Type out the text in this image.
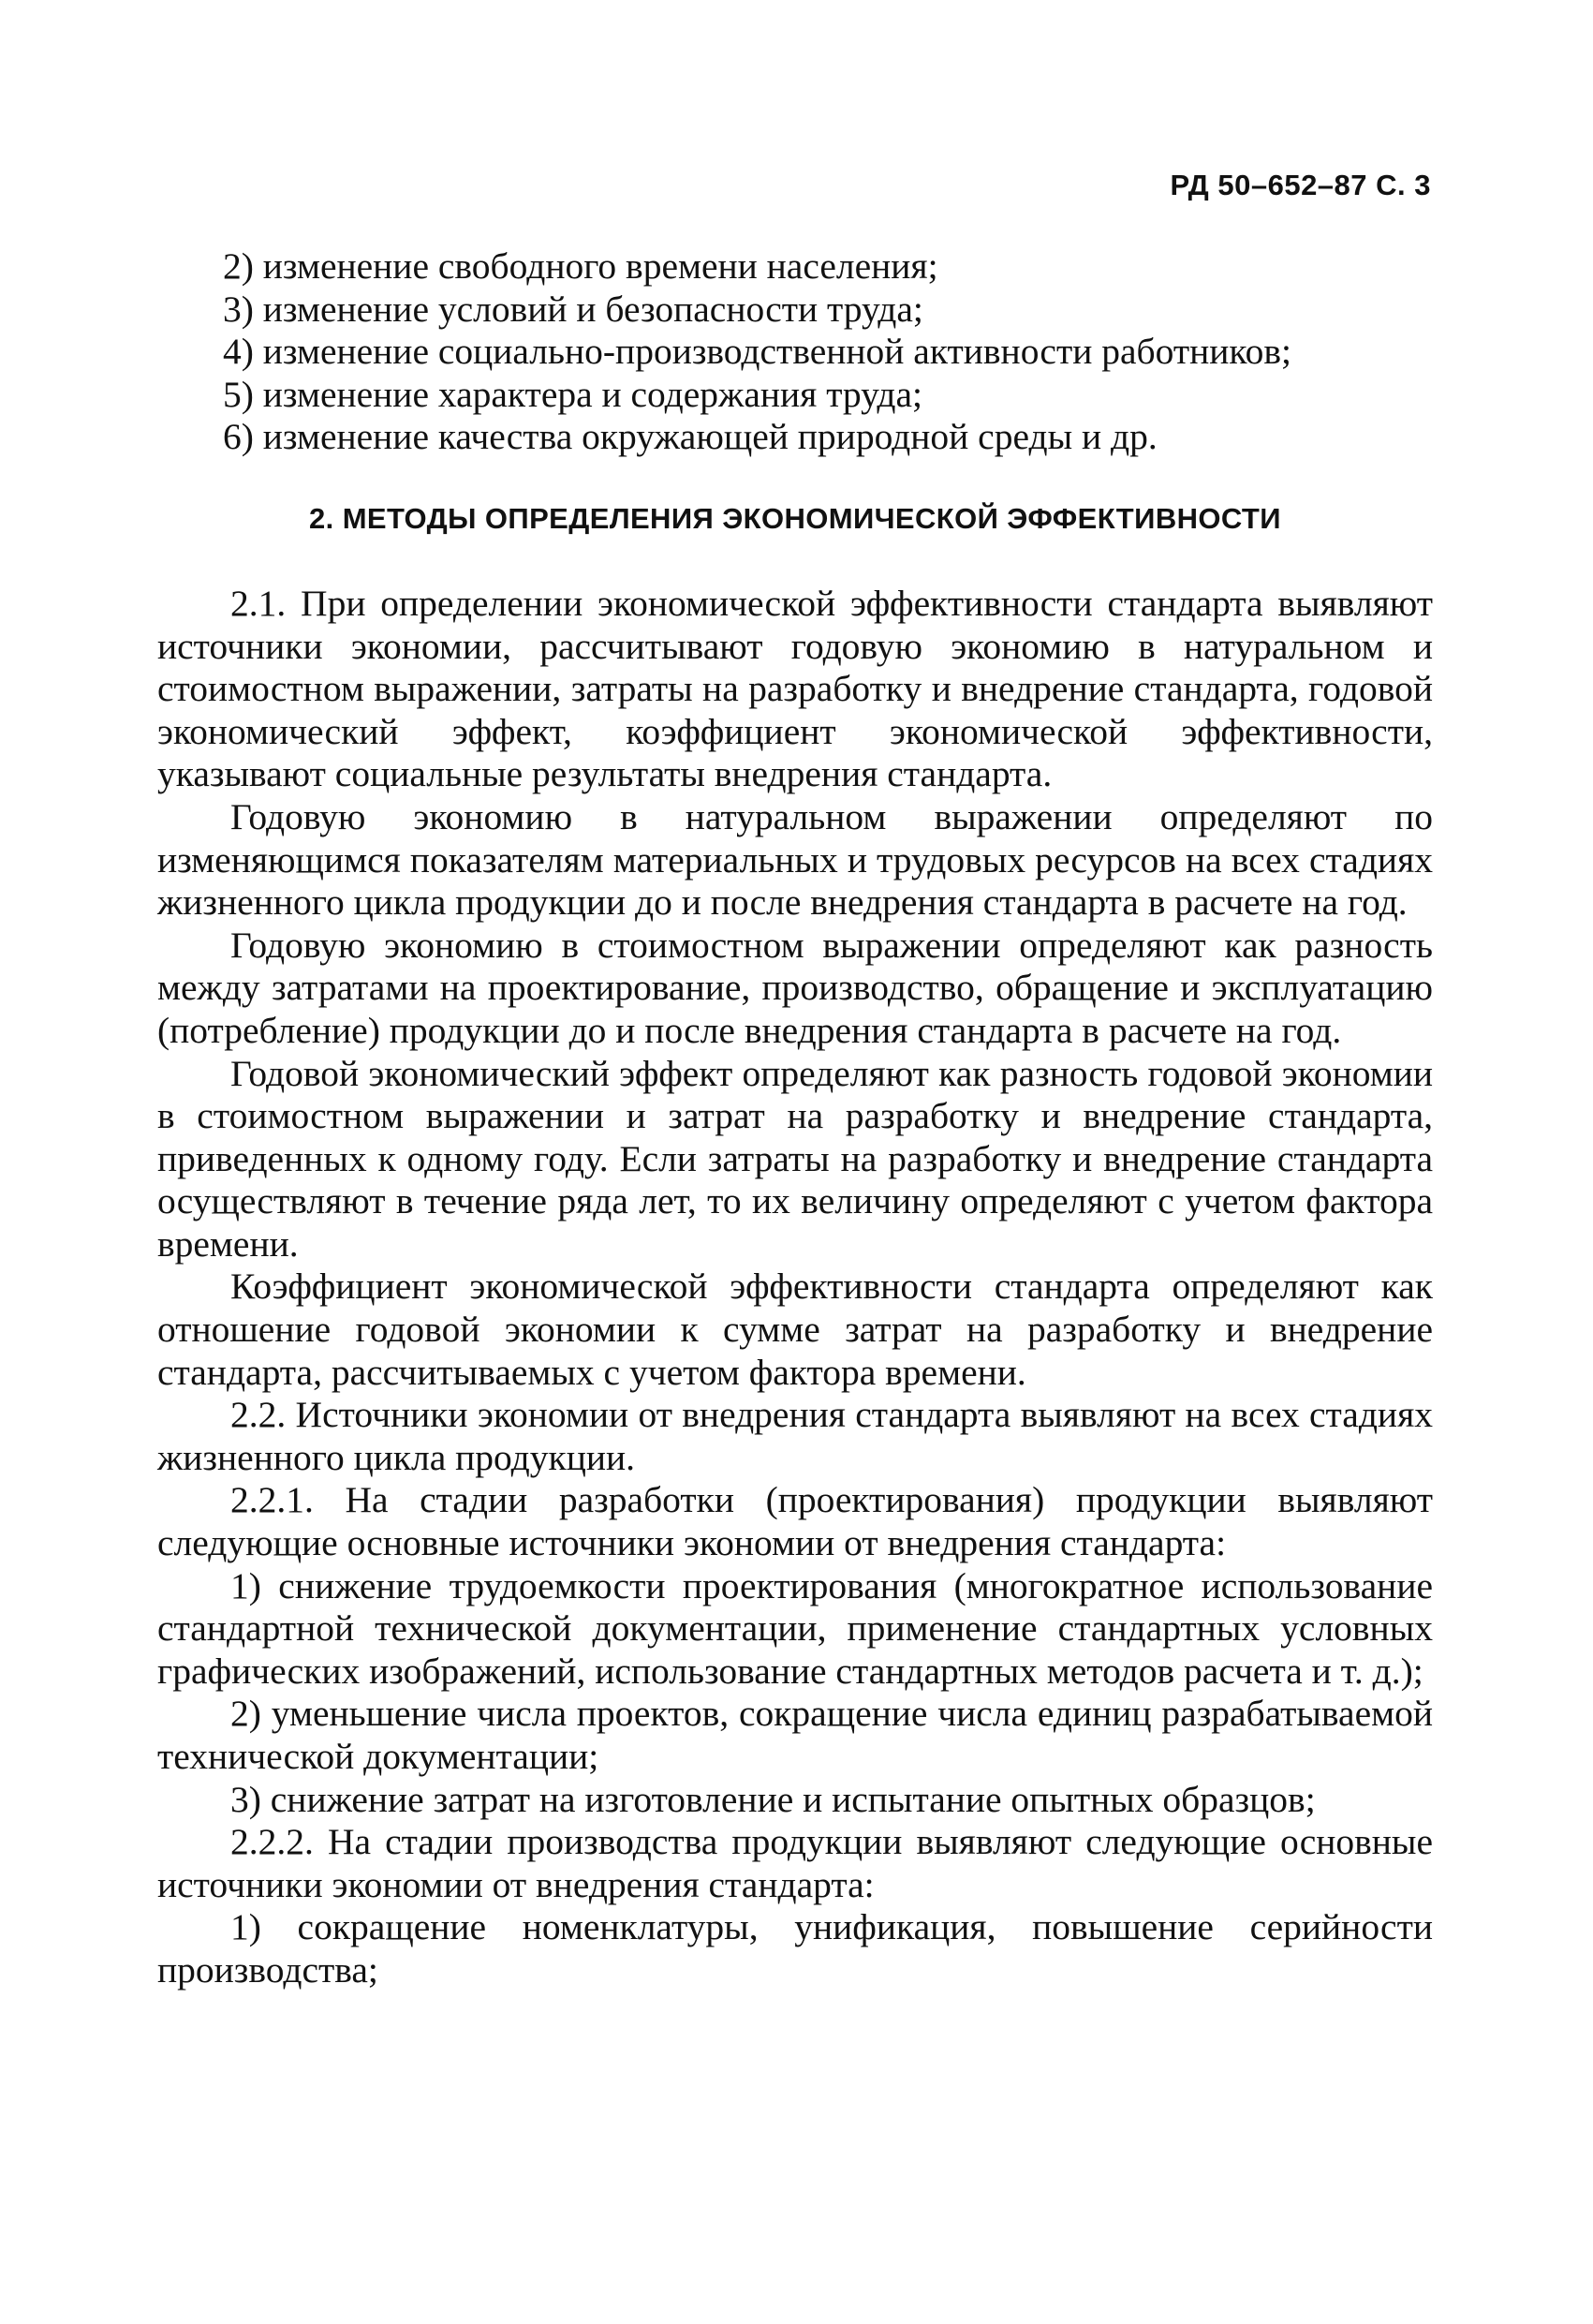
РД 50–652–87 С. 3

2) изменение свободного времени населения;

3) изменение условий и безопасности труда;

4) изменение социально-производственной активности работников;

5) изменение характера и содержания труда;

6) изменение качества окружающей природной среды и др.

2. МЕТОДЫ ОПРЕДЕЛЕНИЯ ЭКОНОМИЧЕСКОЙ ЭФФЕКТИВНОСТИ

2.1. При определении экономической эффективности стандарта выявляют источники экономии, рассчитывают годовую экономию в натуральном и стоимостном выражении, затраты на разработку и внедрение стандарта, годовой экономический эффект, коэффициент экономической эффективности, указывают социальные результаты внедрения стандарта.

Годовую экономию в натуральном выражении определяют по изменяющимся показателям материальных и трудовых ресурсов на всех стадиях жизненного цикла продукции до и после внедрения стандарта в расчете на год.

Годовую экономию в стоимостном выражении определяют как разность между затратами на проектирование, производство, обращение и эксплуатацию (потребление) продукции до и после внедрения стандарта в расчете на год.

Годовой экономический эффект определяют как разность годовой экономии в стоимостном выражении и затрат на разработку и внедрение стандарта, приведенных к одному году. Если затраты на разработку и внедрение стандарта осуществляют в течение ряда лет, то их величину определяют с учетом фактора времени.

Коэффициент экономической эффективности стандарта определяют как отношение годовой экономии к сумме затрат на разработку и внедрение стандарта, рассчитываемых с учетом фактора времени.

2.2. Источники экономии от внедрения стандарта выявляют на всех стадиях жизненного цикла продукции.

2.2.1. На стадии разработки (проектирования) продукции выявляют следующие основные источники экономии от внедрения стандарта:

1) снижение трудоемкости проектирования (многократное использование стандартной технической документации, применение стандартных условных графических изображений, использование стандартных методов расчета и т. д.);

2) уменьшение числа проектов, сокращение числа единиц разрабатываемой технической документации;

3) снижение затрат на изготовление и испытание опытных образцов;

2.2.2. На стадии производства продукции выявляют следующие основные источники экономии от внедрения стандарта:

1) сокращение номенклатуры, унификация, повышение серийности производства;
